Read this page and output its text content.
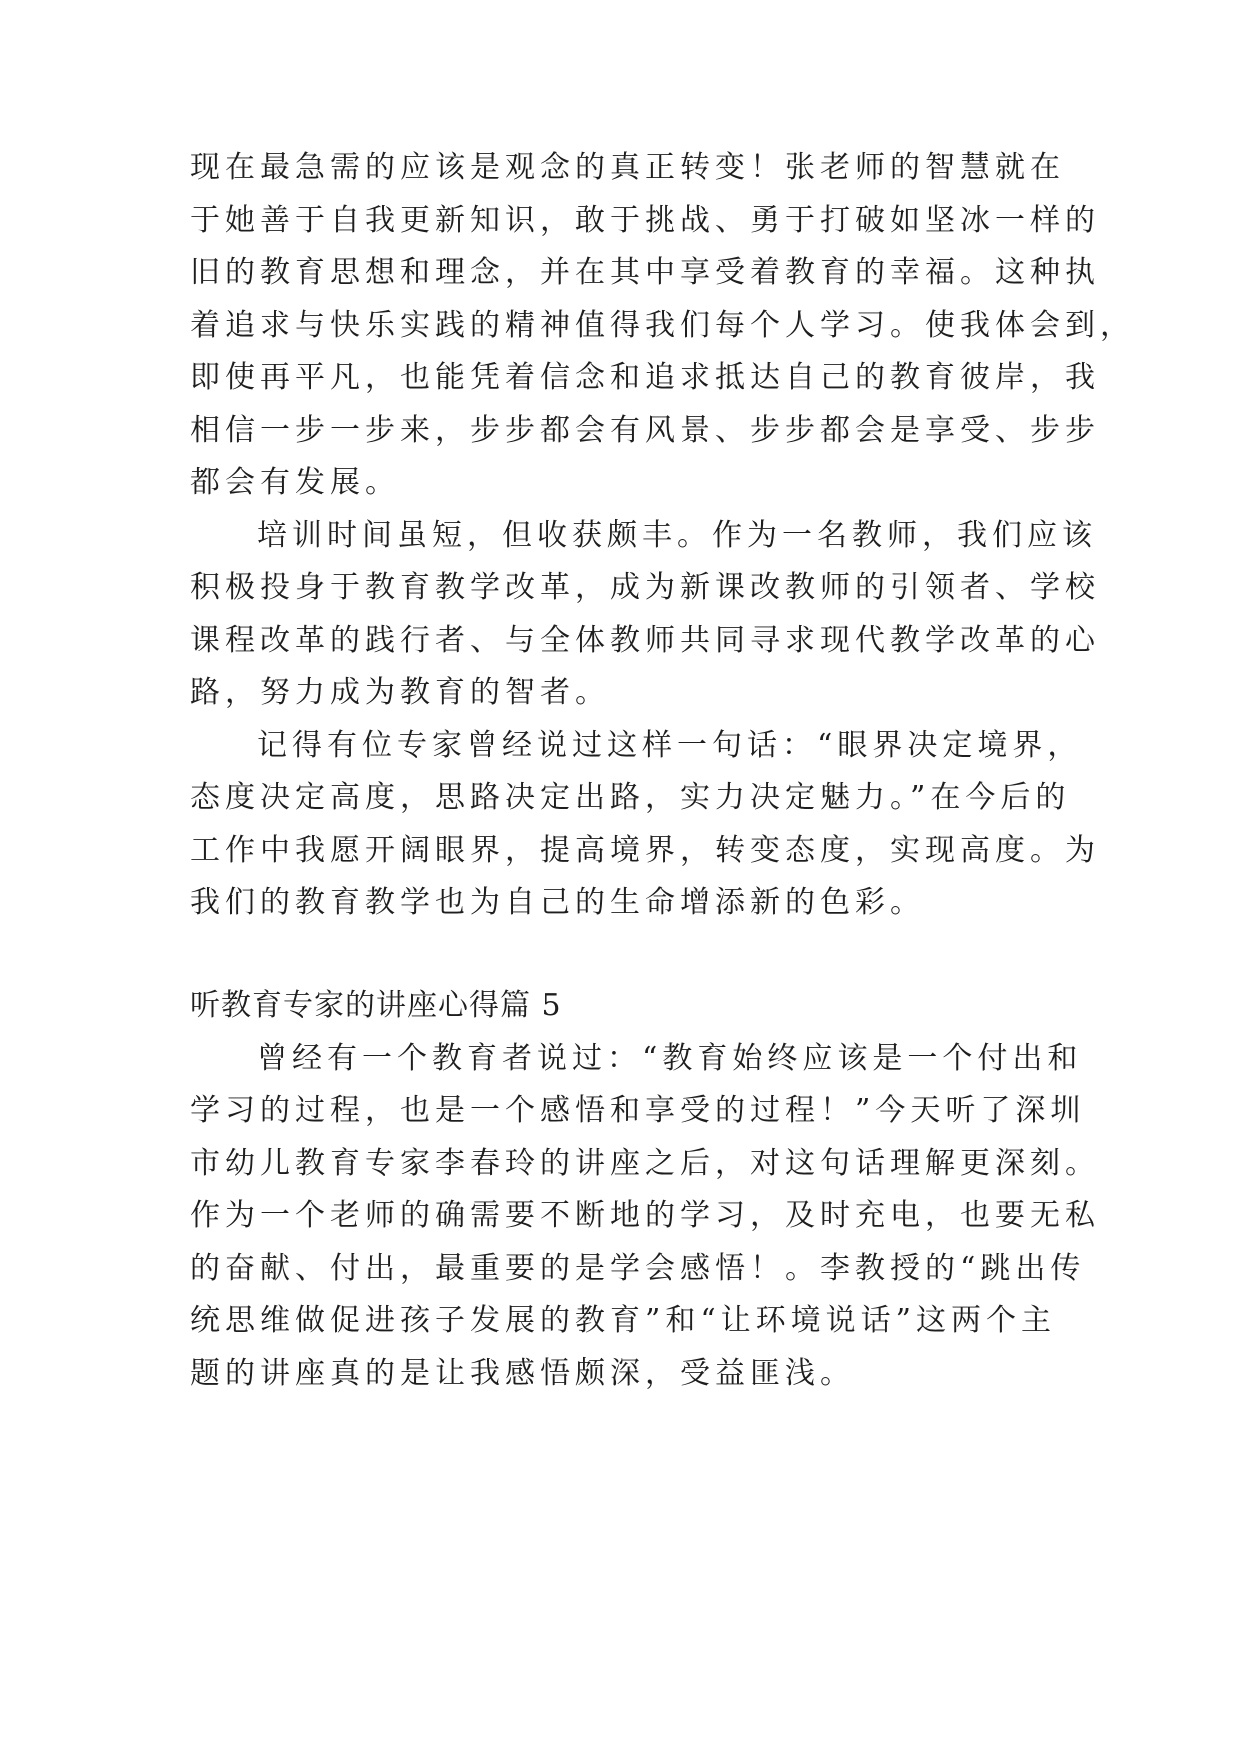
现在最急需的应该是观念的真正转变！张老师的智慧就在
于她善于自我更新知识，敢于挑战、勇于打破如坚冰一样的
旧的教育思想和理念，并在其中享受着教育的幸福。这种执
着追求与快乐实践的精神值得我们每个人学习。使我体会到，
即使再平凡，也能凭着信念和追求抵达自己的教育彼岸，我
相信一步一步来，步步都会有风景、步步都会是享受、步步
都会有发展。
培训时间虽短，但收获颇丰。作为一名教师，我们应该
积极投身于教育教学改革，成为新课改教师的引领者、学校
课程改革的践行者、与全体教师共同寻求现代教学改革的心
路，努力成为教育的智者。
记得有位专家曾经说过这样一句话：“眼界决定境界，
态度决定高度，思路决定出路，实力决定魅力。”在今后的
工作中我愿开阔眼界，提高境界，转变态度，实现高度。为
我们的教育教学也为自己的生命增添新的色彩。
听教育专家的讲座心得篇 5
曾经有一个教育者说过：“教育始终应该是一个付出和
学习的过程，也是一个感悟和享受的过程！”今天听了深圳
市幼儿教育专家李春玲的讲座之后，对这句话理解更深刻。
作为一个老师的确需要不断地的学习，及时充电，也要无私
的奋献、付出，最重要的是学会感悟！。李教授的“跳出传
统思维做促进孩子发展的教育”和“让环境说话”这两个主
题的讲座真的是让我感悟颇深，受益匪浅。
